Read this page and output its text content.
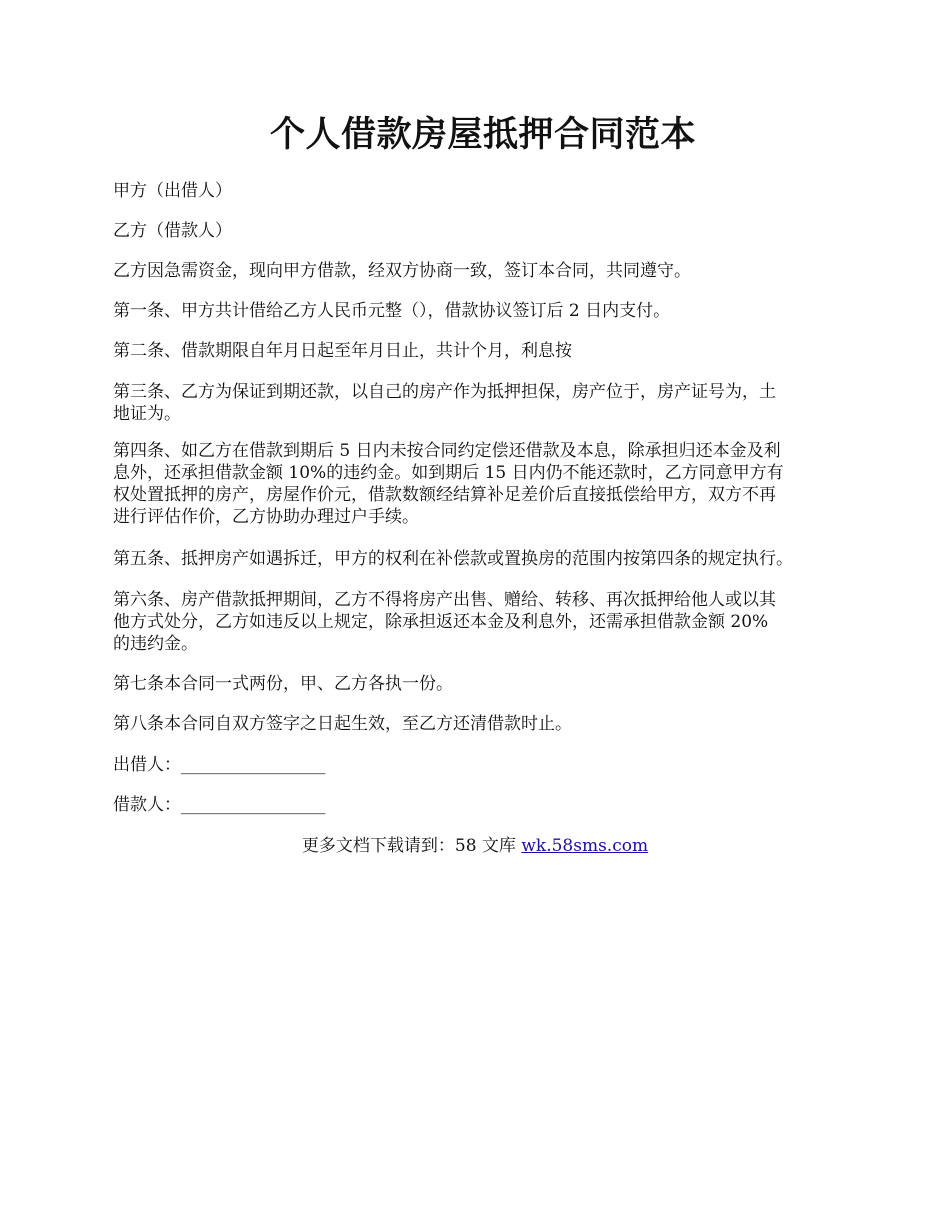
个人借款房屋抵押合同范本

甲方（出借人）

乙方（借款人）

乙方因急需资金，现向甲方借款，经双方协商一致，签订本合同，共同遵守。

第一条、甲方共计借给乙方人民币元整（），借款协议签订后 2 日内支付。

第二条、借款期限自年月日起至年月日止，共计个月，利息按

第三条、乙方为保证到期还款，以自己的房产作为抵押担保，房产位于，房产证号为，土
地证为。

第四条、如乙方在借款到期后 5 日内未按合同约定偿还借款及本息，除承担归还本金及利
息外，还承担借款金额 10%的违约金。如到期后 15 日内仍不能还款时，乙方同意甲方有
权处置抵押的房产，房屋作价元，借款数额经结算补足差价后直接抵偿给甲方，双方不再
进行评估作价，乙方协助办理过户手续。

第五条、抵押房产如遇拆迁，甲方的权利在补偿款或置换房的范围内按第四条的规定执行。

第六条、房产借款抵押期间，乙方不得将房产出售、赠给、转移、再次抵押给他人或以其
他方式处分，乙方如违反以上规定，除承担返还本金及利息外，还需承担借款金额 20%
的违约金。

第七条本合同一式两份，甲、乙方各执一份。

第八条本合同自双方签字之日起生效，至乙方还清借款时止。

出借人：_________________

借款人：_________________

更多文档下载请到：58 文库 wk.58sms.com
